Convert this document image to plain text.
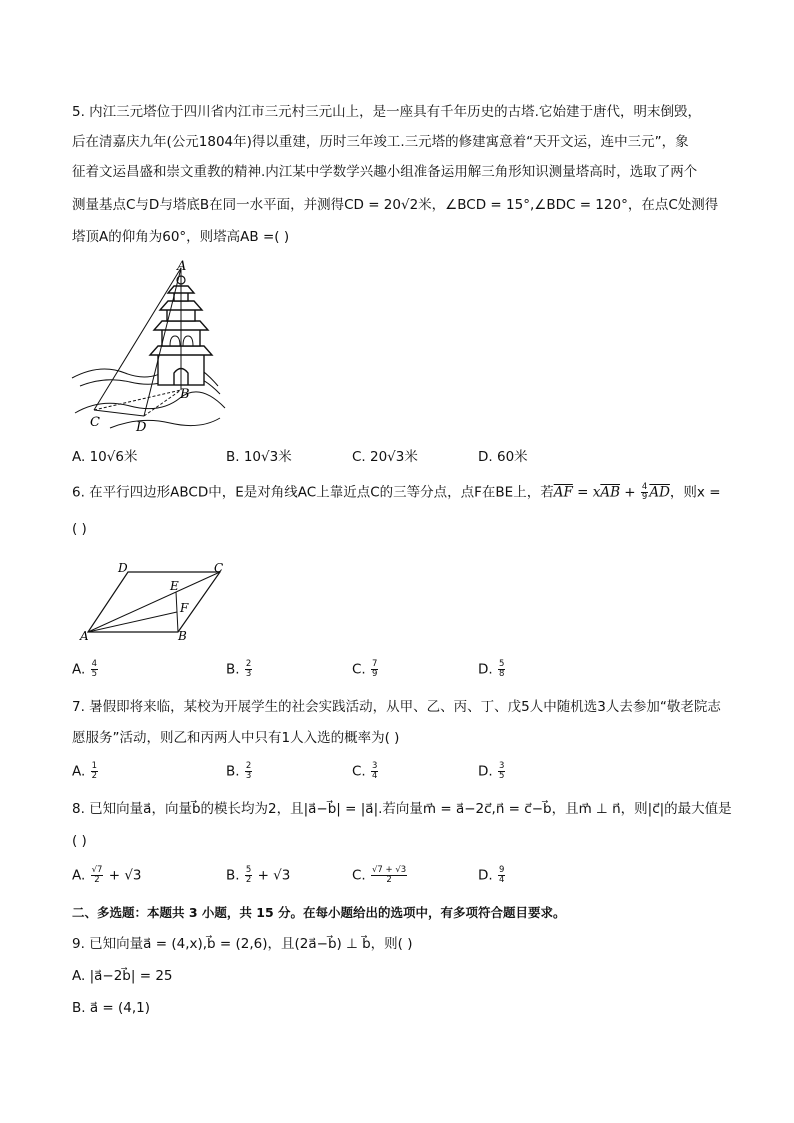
5. 内江三元塔位于四川省内江市三元村三元山上，是一座具有千年历史的古塔.它始建于唐代，明末倒毁，
后在清嘉庆九年(公元1804年)得以重建，历时三年竣工.三元塔的修建寓意着“天开文运，连中三元”，象
征着文运昌盛和崇文重教的精神.内江某中学数学兴趣小组准备运用解三角形知识测量塔高时，选取了两个
测量基点C与D与塔底B在同一水平面，并测得CD = 20√2米，∠BCD = 15°,∠BDC = 120°，在点C处测得
塔顶A的仰角为60°，则塔高AB =( )
A
B
C	D
A. 10√6米	B. 10√3米	C. 20√3米	D. 60米
6. 在平行四边形ABCD中，E是对角线AC上靠近点C的三等分点，点F在BE上，若$\overline{AF} = x\overline{AB} + \frac{4}{9} \overline{AD}$，则x =
( )
D	C
E
F
A	B
A. $\frac{4}{5}$	B. $\frac{2}{3}$	C. $\frac{7}{9}$	D. $\frac{5}{8}$
7. 暑假即将来临，某校为开展学生的社会实践活动，从甲、乙、丙、丁、戊5人中随机选3人去参加“敬老院志
愿服务”活动，则乙和丙两人中只有1人入选的概率为( )
A. $\frac{1}{2}$	B. $\frac{2}{3}$	C. $\frac{3}{4}$	D. $\frac{3}{5}$
8. 已知向量a⃗，向量b⃗的模长均为2，且|a⃗−b⃗| = |a⃗|.若向量m⃗ = a⃗−2c⃗,n⃗ = c⃗−b⃗，且m⃗ ⊥ n⃗，则|c⃗|的最大值是
( )
A. $\frac{√7}{2} + √3$	B. $\frac{5}{2} + √3$	C. $\frac{√7 + √3}{2}$	D. $\frac{9}{4}$
二、多选题：本题共 3 小题，共 15 分。在每小题给出的选项中，有多项符合题目要求。
9. 已知向量a⃗ = (4,x),b⃗ = (2,6)，且(2a⃗−b⃗) ⊥ b⃗，则( )
A. |a⃗−2b⃗| = 25
B. a⃗ = (4,1)
